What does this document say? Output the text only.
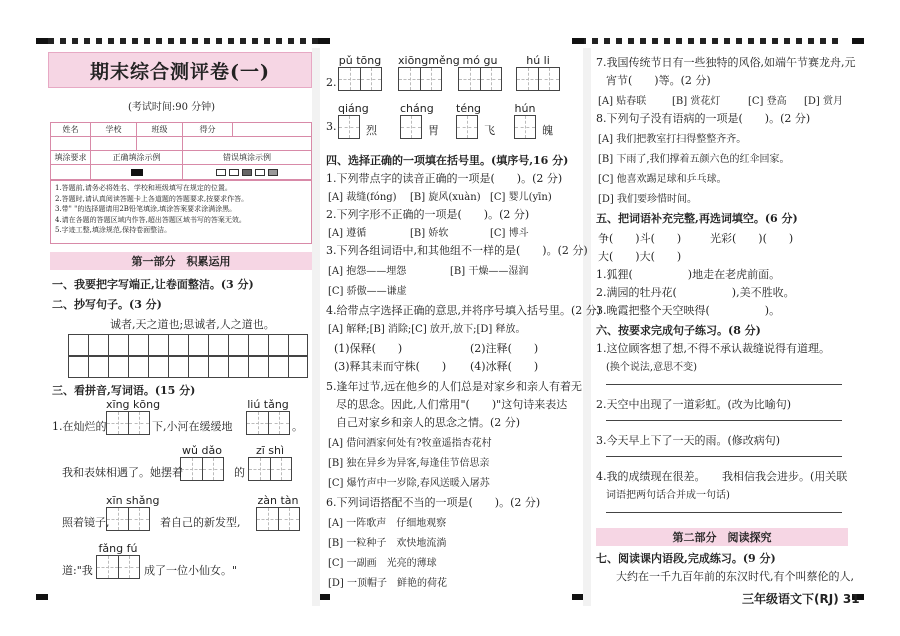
期末综合测评卷(一)
(考试时间:90 分钟)
姓名	学校	班级	得分
填涂要求	正确填涂示例	错误填涂示例
1.答题前,请务必将姓名、学校和班级填写在规定的位置。
2.答题时,请认真阅读答题卡上各道题的答题要求,按要求作答。
3.带" "的选择题请用2B铅笔填涂,填涂答案要求涂满涂黑。
4.请在各题的答题区域内作答,超出答题区域书写的答案无效。
5.字迹工整,填涂规范,保持卷面整洁。
第一部分　积累运用
一、我要把字写端正,让卷面整洁。(3 分)
二、抄写句子。(3 分)
诚者,天之道也;思诚者,人之道也。
三、看拼音,写词语。(15 分)
xīng kōng	liú tǎng
1.在灿烂的	下,小河在缓缓地	。
wǔ dǎo	zī shì
我和表妹相遇了。她摆着	的
xīn shǎng	zàn tàn
照着镜子,	着自己的新发型,
fǎng fú
道:"我	成了一位小仙女。"
2.
pǔ tōng xiōngměng mó gu	hú li
3.
qiáng
烈
cháng
胃
téng
飞
hún
魄
四、选择正确的一项填在括号里。(填序号,16 分)
1.下列带点字的读音正确的一项是(　　)。(2 分)
[A] 裁缝(fóng) [B] 旋风(xuàn) [C] 婴儿(yīn)
2.下列字形不正确的一项是(　　)。(2 分)
[A] 遵循	[B] 娇软	[C] 博斗
3.下列各组词语中,和其他组不一样的是(　　)。(2 分)
[A] 抱怨——埋怨	[B] 干燥——湿润
[C] 骄傲——谦虚
4.给带点字选择正确的意思,并将序号填入括号里。(2 分)
[A] 解释;[B] 消除;[C] 放开,放下;[D] 释放。
(1)保释(　　)	(2)注释(　　)
(3)释其耒而守株(　　) (4)冰释(　　)
5.逢年过节,远在他乡的人们总是对家乡和亲人有着无
尽的思念。因此,人们常用"(　　)"这句诗来表达
自己对家乡和亲人的思念之情。(2 分)
[A] 借问酒家何处有?牧童遥指杏花村
[B] 独在异乡为异客,每逢佳节倍思亲
[C] 爆竹声中一岁除,春风送暖入屠苏
6.下列词语搭配不当的一项是(　　)。(2 分)
[A] 一阵歌声　仔细地观察
[B] 一粒种子　欢快地流淌
[C] 一副画　光亮的薄球
[D] 一顶帽子　鲜艳的荷花
7.我国传统节日有一些独特的风俗,如端午节赛龙舟,元
宵节(　　)等。(2 分)
[A] 贴春联	[B] 赏花灯	[C] 登高 [D] 赏月
8.下列句子没有语病的一项是(　　)。(2 分)
[A] 我们把教室打扫得整整齐齐。
[B] 下雨了,我们撑着五颜六色的红伞回家。
[C] 他喜欢踢足球和乒乓球。
[D] 我们要珍惜时间。
五、把词语补充完整,再选词填空。(6 分)
争(　　)斗(　　)	光彩(　　)(　　)
大(　　)大(　　)
1.狐狸(　　　　　)地走在老虎前面。
2.满园的牡丹花(　　　　　),美不胜收。
3.晚霞把整个天空映得(　　　　　)。
六、按要求完成句子练习。(8 分)
1.这位顾客想了想,不得不承认裁缝说得有道理。
(换个说法,意思不变)
2.天空中出现了一道彩虹。(改为比喻句)
3.今天早上下了一天的雨。(修改病句)
4.我的成绩现在很差。　　我相信我会进步。(用关联
词语把两句话合并成一句话)
第二部分　阅读探究
七、阅读课内语段,完成练习。(9 分)
大约在一千九百年前的东汉时代,有个叫蔡伦的人,
三年级语文下(RJ) 31
